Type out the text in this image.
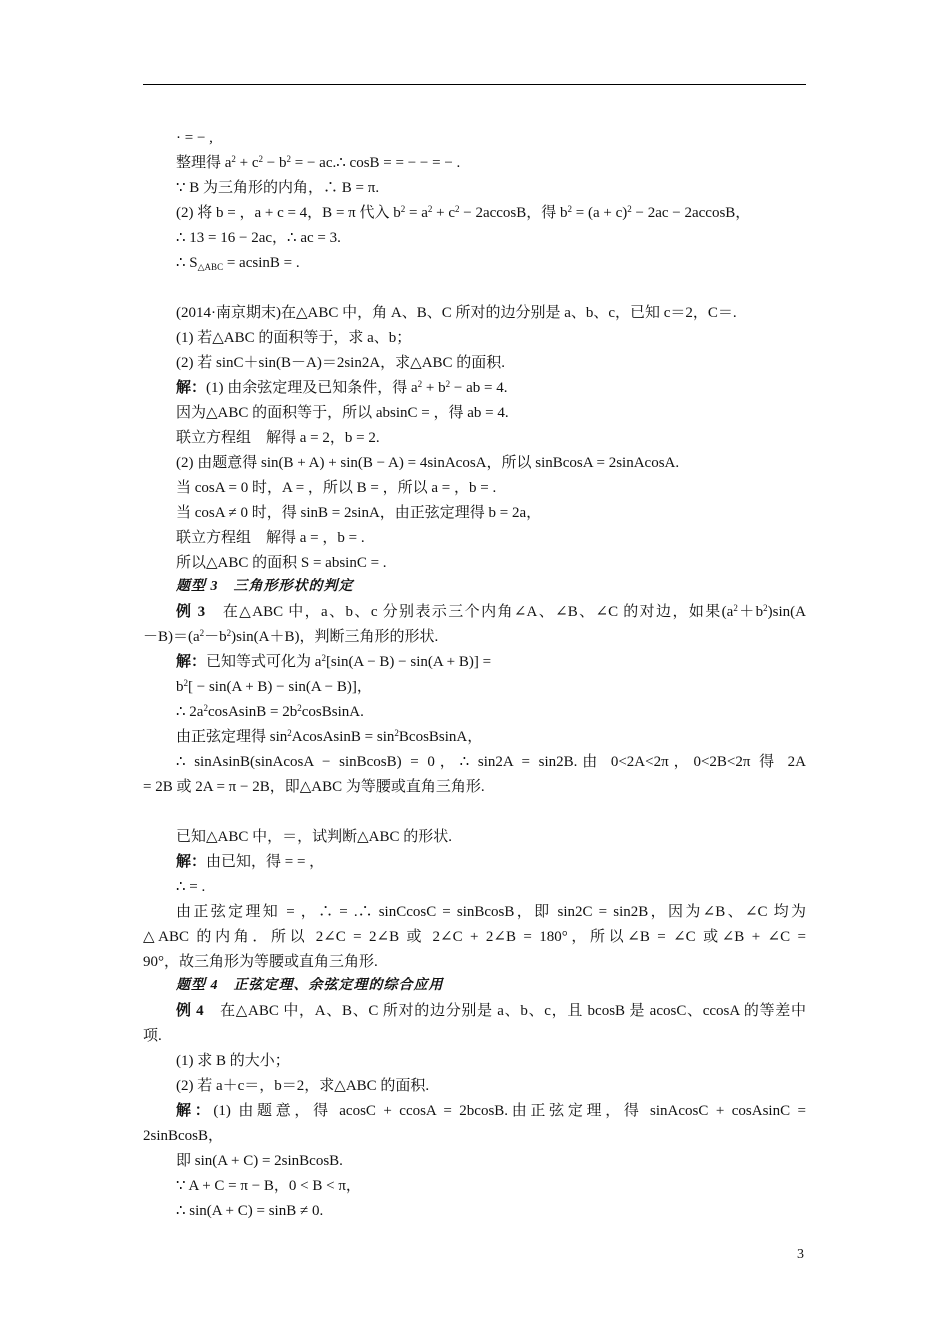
· = − ,
整理得 $a^2 + c^2 - b^2$ = − ac.∴ cosB = = − − = − .
∵ B 为三角形的内角，∴ B = π.
(2) 将 b = ，a + c = 4，B = π 代入 $b^2 = a^2 + c^2 - 2accosB$，得 $b^2 = (a + c)^2 - 2ac - 2accosB$，
∴ 13 = 16 − 2ac，∴ ac = 3.
∴ $S_{\triangle ABC} = acsinB$ = .
(2014·南京期末)在△ABC 中，角 A、B、C 所对的边分别是 a、b、c，已知 c＝2，C＝.
(1) 若△ABC 的面积等于，求 a、b；
(2) 若 sinC＋sin(B－A)＝2sin2A，求△ABC 的面积.
解：(1) 由余弦定理及已知条件，得 $a^2 + b^2$ − ab = 4.
因为△ABC 的面积等于，所以 absinC = ，得 ab = 4.
联立方程组　解得 a = 2，b = 2.
(2) 由题意得 sin(B + A) + sin(B − A) = 4sinAcosA，所以 sinBcosA = 2sinAcosA.
当 cosA = 0 时，A = ，所以 B = ，所以 a = ，b = .
当 cosA ≠ 0 时，得 sinB = 2sinA，由正弦定理得 b = 2a，
联立方程组　解得 a = ，b = .
所以△ABC 的面积 S = absinC = .
题型 3　三角形形状的判定
例 3　在△ABC 中，a、b、c 分别表示三个内角∠A、∠B、∠C 的对边，如果$(a^2+b^2)\sin(A$
$-B)=(a^2-b^2)\sin(A+B)$，判断三角形的形状.
解：已知等式可化为 $a^2[\sin(A - B) - \sin(A + B)]$ =
$b^2[ - \sin(A + B) - \sin(A - B)]$，
∴ $2a^2cosAsinB$ = $2b^2cosBsinA$.
由正弦定理得 $\sin^2AcosAsinB$ = $\sin^2BcosBsinA$，
∴ sinAsinB(sinAcosA − sinBcosB) = 0，∴ sin2A = sin2B.由 0<2A<2π，0<2B<2π 得 2A
= 2B 或 2A = π − 2B，即△ABC 为等腰或直角三角形.
已知△ABC 中，＝，试判断△ABC 的形状.
解：由已知，得 = = ，
∴ = .
由正弦定理知 = ，∴ = .∴ sinCcosC = sinBcosB，即 sin2C = sin2B，因为∠B、∠C 均为
△ABC 的内角．所以 2∠C = 2∠B 或 2∠C + 2∠B = 180°，所以∠B = ∠C 或∠B + ∠C =
90°，故三角形为等腰或直角三角形.
题型 4　正弦定理、余弦定理的综合应用
例 4　在△ABC 中，A、B、C 所对的边分别是 a、b、c，且 bcosB 是 acosC、ccosA 的等差中
项.
(1) 求 B 的大小；
(2) 若 a＋c＝，b＝2，求△ABC 的面积.
解：(1) 由题意，得 acosC + ccosA = 2bcosB.由正弦定理，得 sinAcosC + cosAsinC =
2sinBcosB，
即 sin(A + C) = 2sinBcosB.
∵ A + C = π − B，0 < B < π，
∴ sin(A + C) = sinB ≠ 0.
3
